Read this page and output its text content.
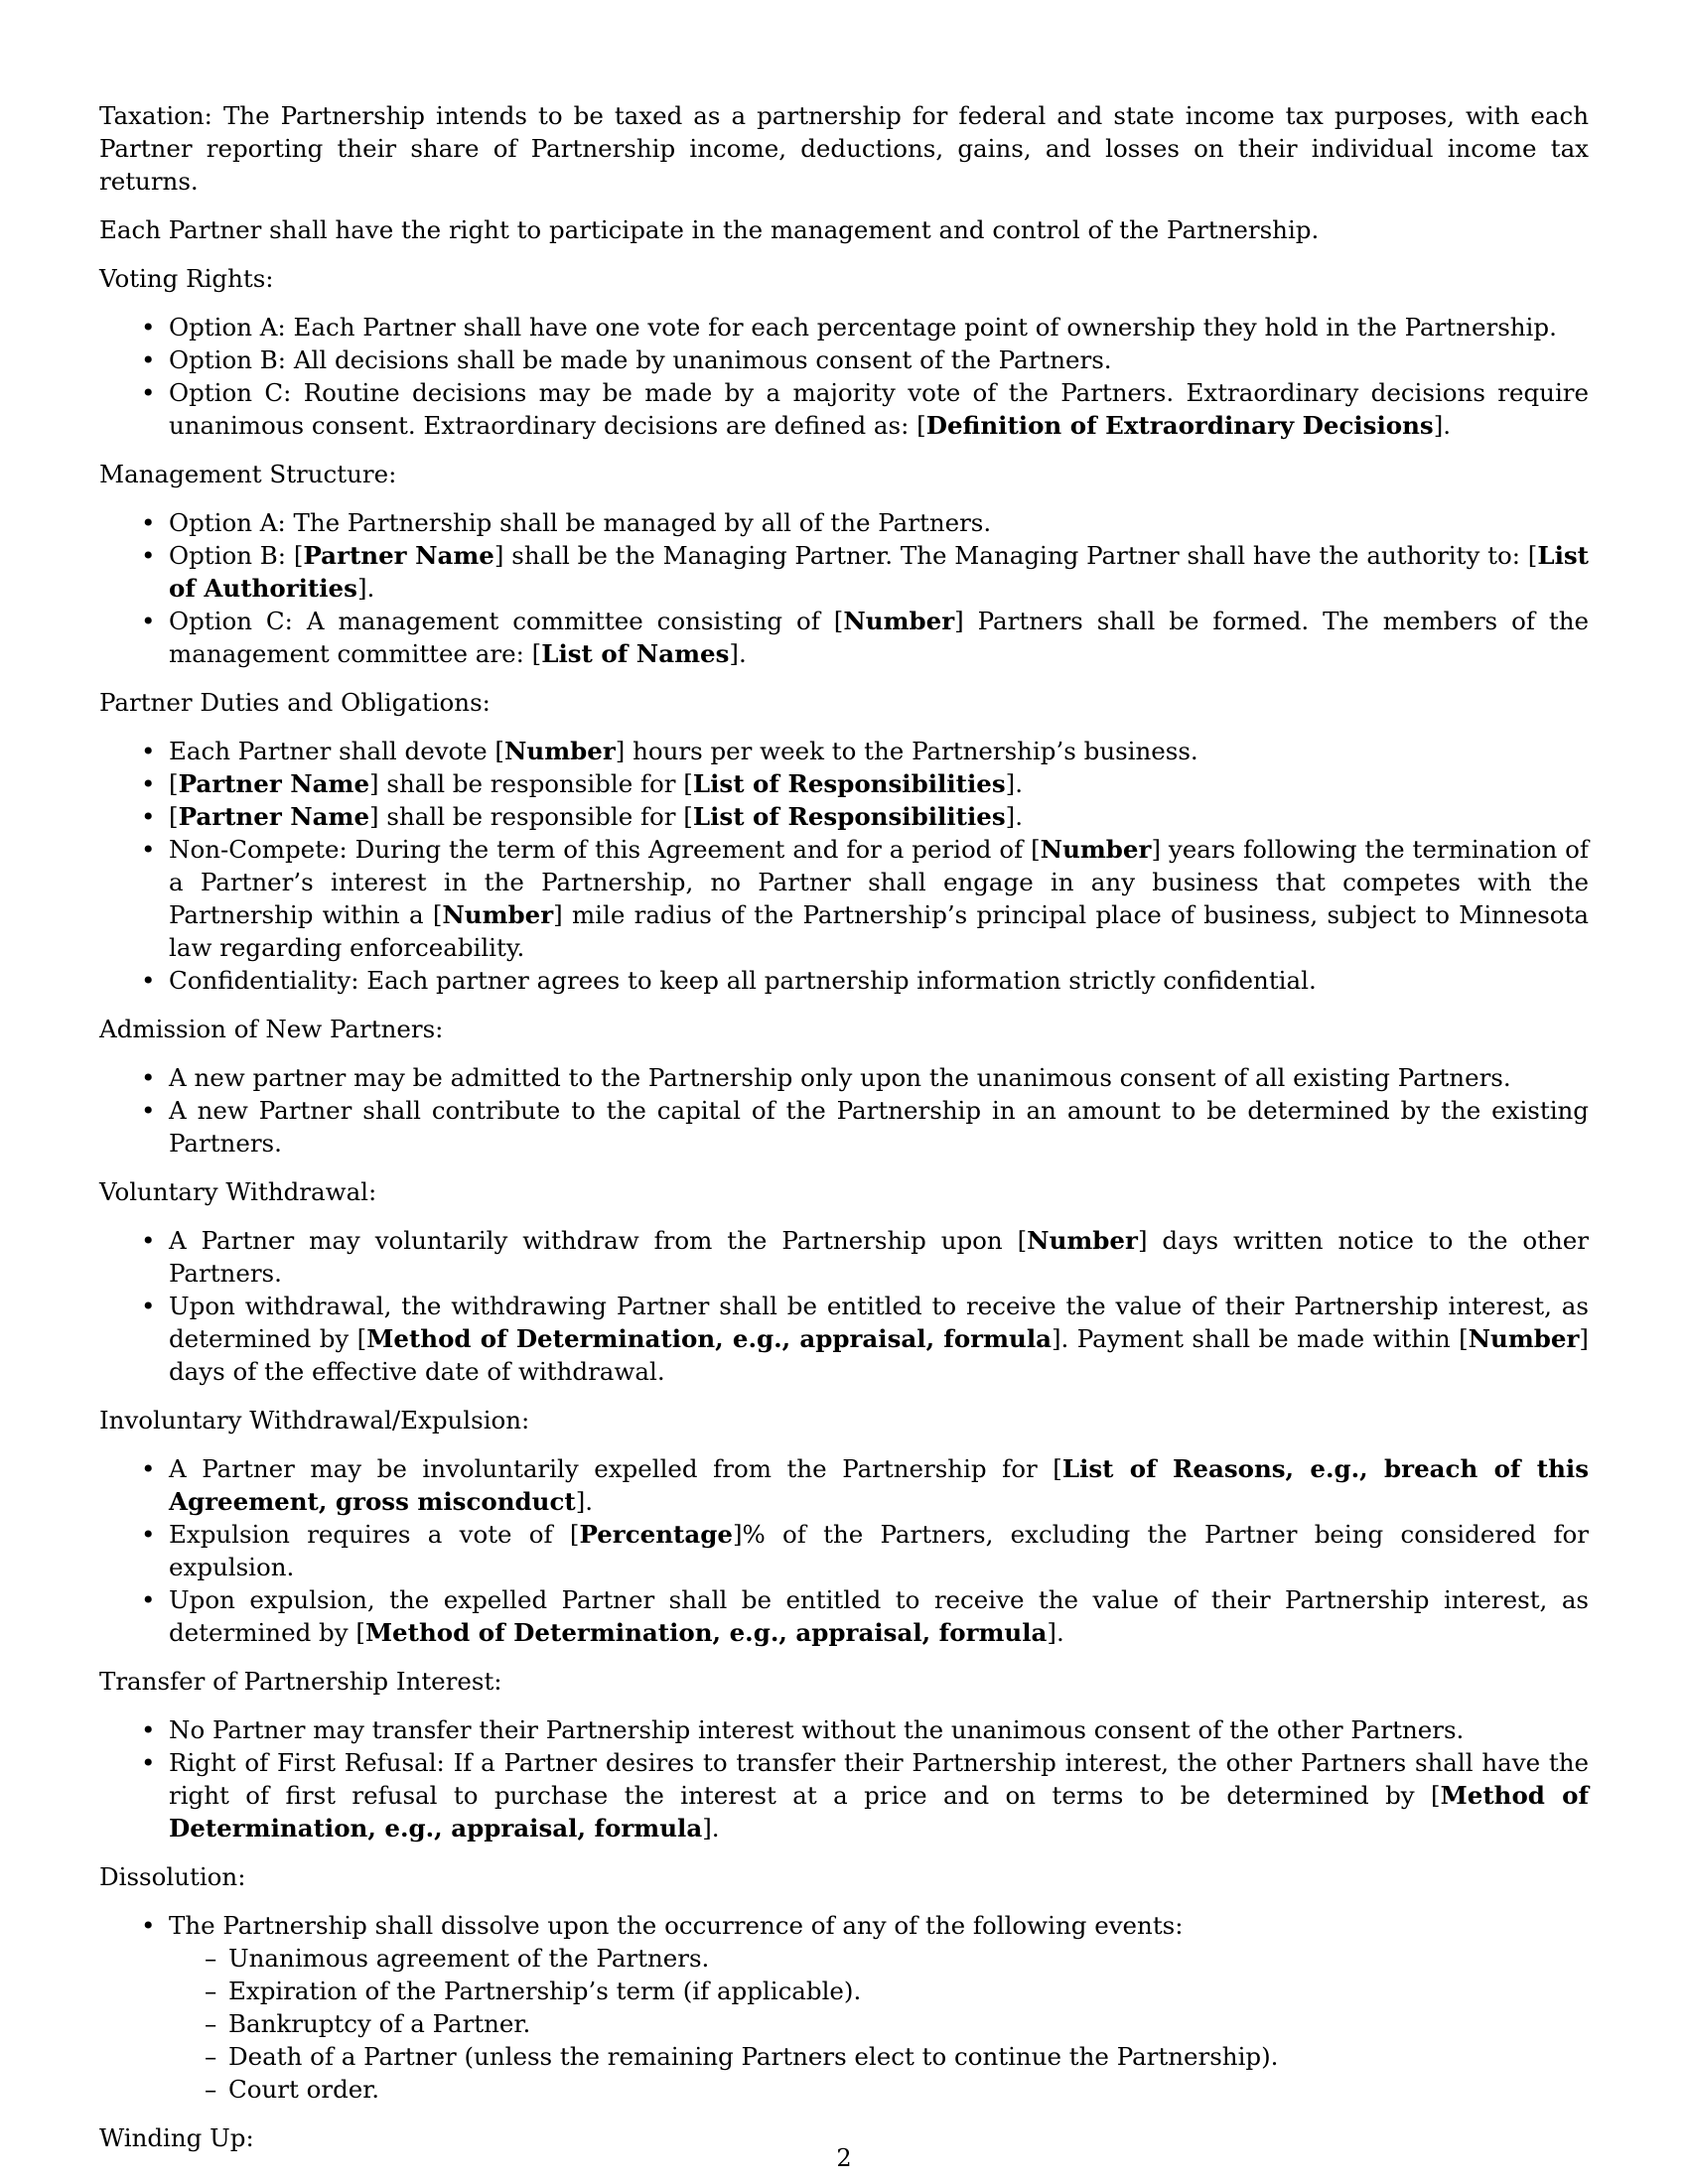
Taxation: The Partnership intends to be taxed as a partnership for federal and state income tax purposes, with each Partner reporting their share of Partnership income, deductions, gains, and losses on their individual income tax returns.

Each Partner shall have the right to participate in the management and control of the Partnership.

Voting Rights:

• Option A: Each Partner shall have one vote for each percentage point of ownership they hold in the Partnership.
• Option B: All decisions shall be made by unanimous consent of the Partners.
• Option C: Routine decisions may be made by a majority vote of the Partners. Extraordinary decisions require unanimous consent. Extraordinary decisions are defined as: [Definition of Extraordinary Decisions].

Management Structure:

• Option A: The Partnership shall be managed by all of the Partners.
• Option B: [Partner Name] shall be the Managing Partner. The Managing Partner shall have the authority to: [List of Authorities].
• Option C: A management committee consisting of [Number] Partners shall be formed. The members of the management committee are: [List of Names].

Partner Duties and Obligations:

• Each Partner shall devote [Number] hours per week to the Partnership’s business.
• [Partner Name] shall be responsible for [List of Responsibilities].
• [Partner Name] shall be responsible for [List of Responsibilities].
• Non-Compete: During the term of this Agreement and for a period of [Number] years following the termination of a Partner’s interest in the Partnership, no Partner shall engage in any business that competes with the Partnership within a [Number] mile radius of the Partnership’s principal place of business, subject to Minnesota law regarding enforceability.
• Confidentiality: Each partner agrees to keep all partnership information strictly confidential.

Admission of New Partners:

• A new partner may be admitted to the Partnership only upon the unanimous consent of all existing Partners.
• A new Partner shall contribute to the capital of the Partnership in an amount to be determined by the existing Partners.

Voluntary Withdrawal:

• A Partner may voluntarily withdraw from the Partnership upon [Number] days written notice to the other Partners.
• Upon withdrawal, the withdrawing Partner shall be entitled to receive the value of their Partnership interest, as determined by [Method of Determination, e.g., appraisal, formula]. Payment shall be made within [Number] days of the effective date of withdrawal.

Involuntary Withdrawal/Expulsion:

• A Partner may be involuntarily expelled from the Partnership for [List of Reasons, e.g., breach of this Agreement, gross misconduct].
• Expulsion requires a vote of [Percentage]% of the Partners, excluding the Partner being considered for expulsion.
• Upon expulsion, the expelled Partner shall be entitled to receive the value of their Partnership interest, as determined by [Method of Determination, e.g., appraisal, formula].

Transfer of Partnership Interest:

• No Partner may transfer their Partnership interest without the unanimous consent of the other Partners.
• Right of First Refusal: If a Partner desires to transfer their Partnership interest, the other Partners shall have the right of first refusal to purchase the interest at a price and on terms to be determined by [Method of Determination, e.g., appraisal, formula].

Dissolution:

• The Partnership shall dissolve upon the occurrence of any of the following events:
– Unanimous agreement of the Partners.
– Expiration of the Partnership’s term (if applicable).
– Bankruptcy of a Partner.
– Death of a Partner (unless the remaining Partners elect to continue the Partnership).
– Court order.

Winding Up:

2
